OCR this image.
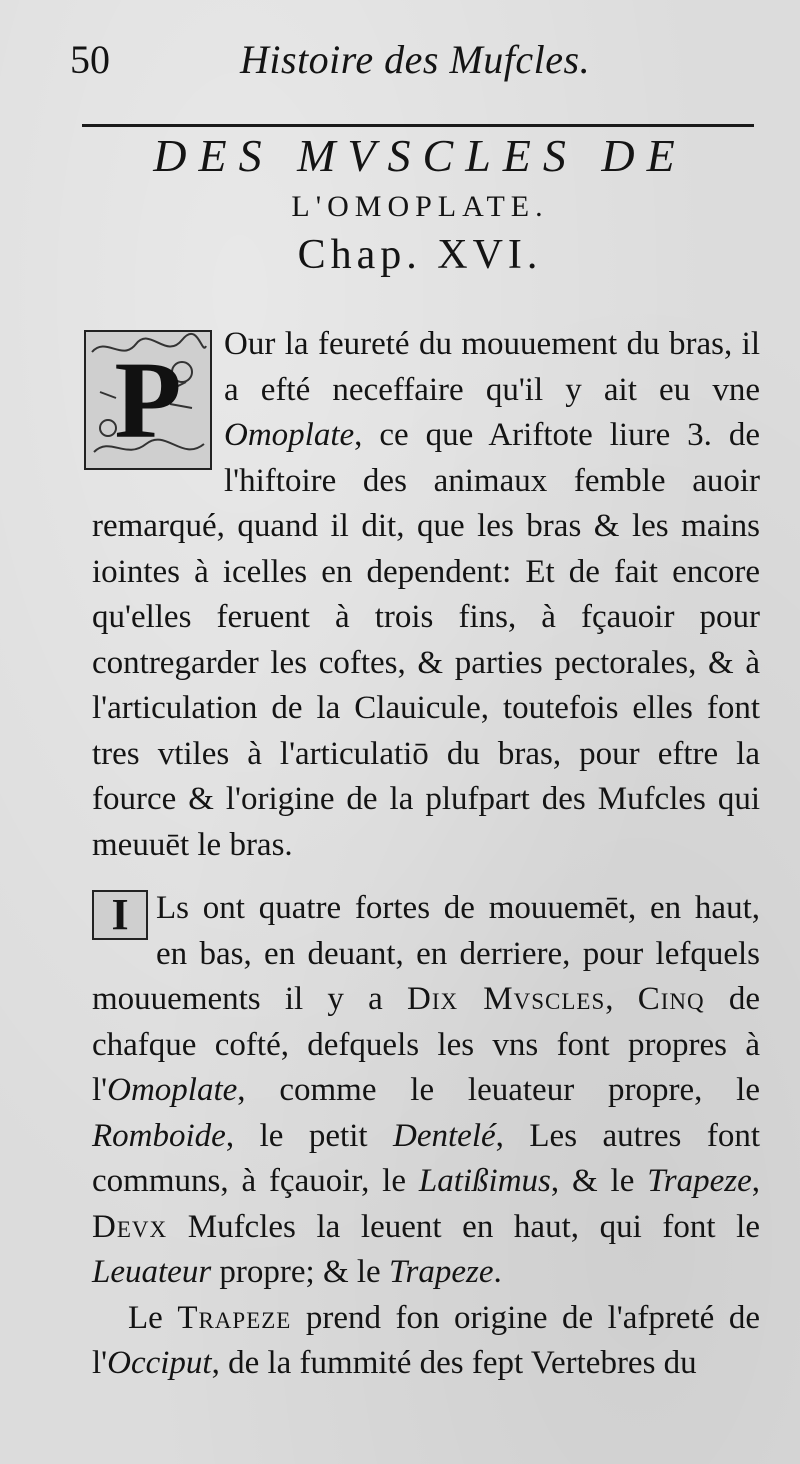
50	Histoire des Mufcles.
DES MVSCLES DE
L'OMOPLATE.
Chap. XVI.

P Our la feureté du mouuement du bras, il a efté neceffaire qu'il y ait eu vne Omoplate, ce que Ariftote liure 3. de l'hiftoire des animaux femble auoir remarqué, quand il dit, que les bras & les mains iointes à icelles en dependent: Et de fait encore qu'elles feruent à trois fins, à fçauoir pour contregarder les coftes, & parties pectorales, & à l'articulation de la Clauicule, toutefois elles font tres vtiles à l'articulatiō du bras, pour eftre la fource & l'origine de la plufpart des Mufcles qui meuuēt le bras.

I Ls ont quatre fortes de mouuemēt, en haut, en bas, en deuant, en derriere, pour lefquels mouuements il y a Dix Mvscles, Cinq de chafque cofté, defquels les vns font propres à l'Omoplate, comme le leuateur propre, le Romboide, le petit Dentelé, Les autres font communs, à fçauoir, le Latißimus, & le Trapeze, Devx Mufcles la leuent en haut, qui font le Leuateur propre; & le Trapeze.

Le Trapeze prend fon origine de l'afpreté de l'Occiput, de la fummité des fept Vertebres du
